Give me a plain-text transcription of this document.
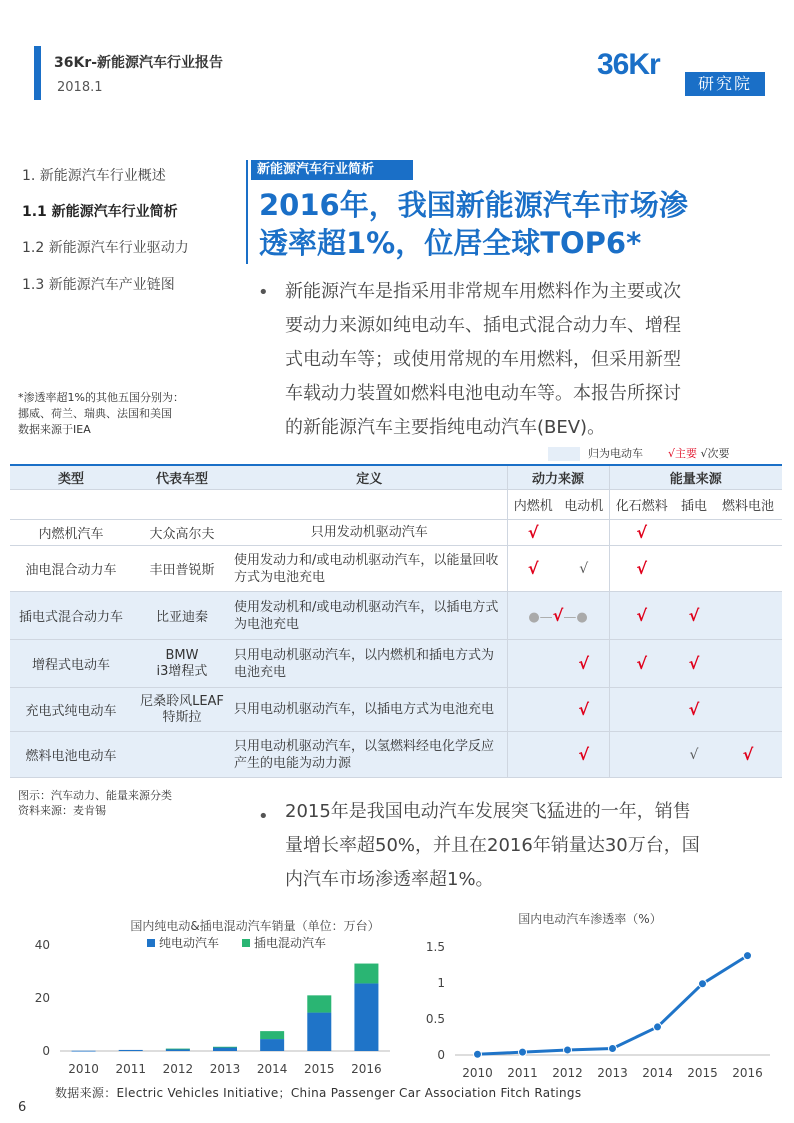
36Kr-新能源汽车行业报告
2018.1
36Kr
研究院
1. 新能源汽车行业概述
1.1 新能源汽车行业简析
1.2 新能源汽车行业驱动力
1.3 新能源汽车产业链图
*渗透率超1%的其他五国分别为：
挪威、荷兰、瑞典、法国和美国
数据来源于IEA
新能源汽车行业简析
2016年，我国新能源汽车市场渗
透率超1%，位居全球TOP6*
• 新能源汽车是指采用非常规车用燃料作为主要或次
要动力来源如纯电动车、插电式混合动力车、增程
式电动车等；或使用常规的车用燃料，但采用新型
车载动力装置如燃料电池电动车等。本报告所探讨
的新能源汽车主要指纯电动汽车(BEV)。
归为电动车 √主要 √次要
类型	代表车型	定义	动力来源		能量来源		
			内燃机	电动机	化石燃料	插电	燃料电池
内燃机汽车	大众高尔夫	只用发动机驱动汽车	√		√		
油电混合动力车	丰田普锐斯	使用发动力和/或电动机驱动汽车，以能量回收方式为电池充电	√	√	√		
插电式混合动力车	比亚迪秦	使用发动机和/或电动机驱动汽车，以插电方式为电池充电	●—√—●		√	√	
增程式电动车	BMW
i3增程式	只用电动机驱动汽车，以内燃机和插电方式为电池充电		√	√	√	
充电式纯电动车	尼桑聆风LEAF
特斯拉	只用电动机驱动汽车，以插电方式为电池充电		√		√	
燃料电池电动车		只用电动机驱动汽车，以氢燃料经电化学反应产生的电能为动力源		√		√	√
图示：汽车动力、能量来源分类
资料来源：麦肯锡	• 2015年是我国电动汽车发展突飞猛进的一年，销售
量增长率超50%，并且在2016年销量达30万台，国
内汽车市场渗透率超1%。
国内纯电动&插电混动汽车销量（单位：万台）
纯电动汽车	插电混动汽车
0
20
40
2010 2011 2012 2013 2014 2015 2016
国内电动汽车渗透率（%）
0
0.5
1
1.5
2010 2011 2012 2013 2014 2015 2016
数据来源：Electric Vehicles Initiative；China Passenger Car Association Fitch Ratings
6
